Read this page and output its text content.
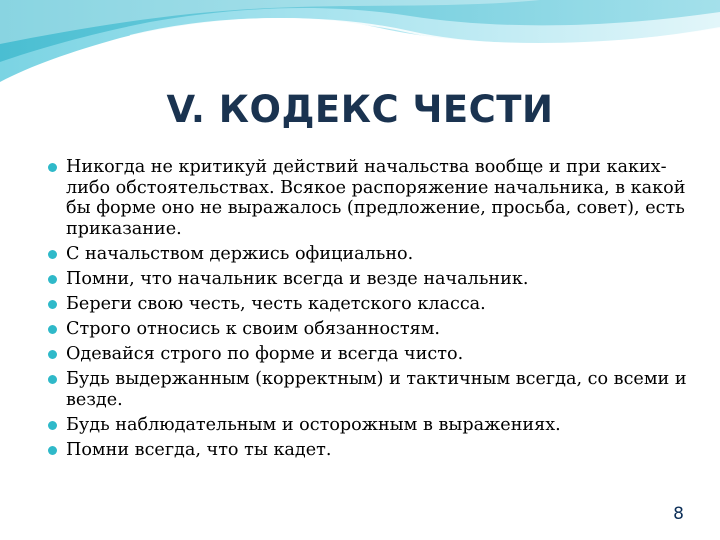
V. КОДЕКС ЧЕСТИ
Никогда не критикуй действий начальства вообще и при каких-либо обстоятельствах. Всякое распоряжение начальника, в какой бы форме оно не выражалось (предложение, просьба, совет), есть приказание.
С начальством держись официально.
Помни, что начальник всегда и везде начальник.
Береги свою честь, честь кадетского класса.
Строго относись к своим обязанностям.
Одевайся строго по форме и всегда чисто.
Будь выдержанным (корректным) и тактичным всегда, со всеми и везде.
Будь наблюдательным и осторожным в выражениях.
Помни всегда, что ты кадет.
8
